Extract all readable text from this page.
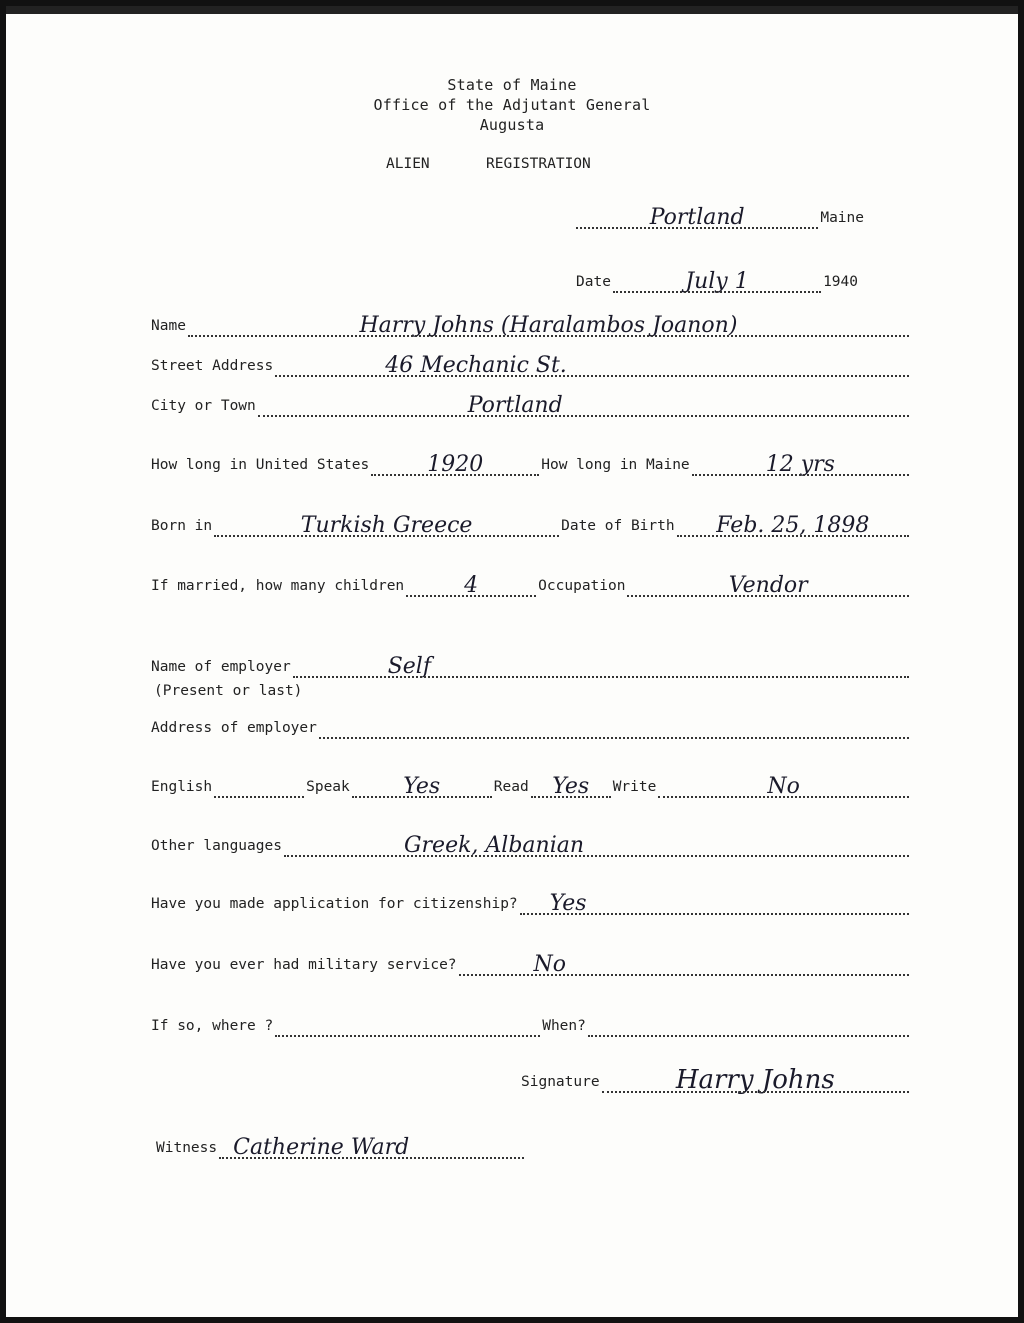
State of Maine
Office of the Adjutant General
Augusta
ALIEN	REGISTRATION
Portland	Maine
Date	July 1	1940
Name	Harry Johns (Haralambos Joanon)
Street Address	46 Mechanic St.
City or Town	Portland
How long in United States	1920	How long in Maine	12 yrs
Born in	Turkish Greece	Date of Birth	Feb. 25, 1898
If married, how many children	4	Occupation	Vendor
Name of employer	Self
(Present or last)
Address of employer
English	Speak	Yes	Read	Yes	Write	No
Other languages	Greek, Albanian
Have you made application for citizenship?	Yes
Have you ever had military service?	No
If so, where ?	When?
Signature	Harry Johns
Witness Catherine Ward
